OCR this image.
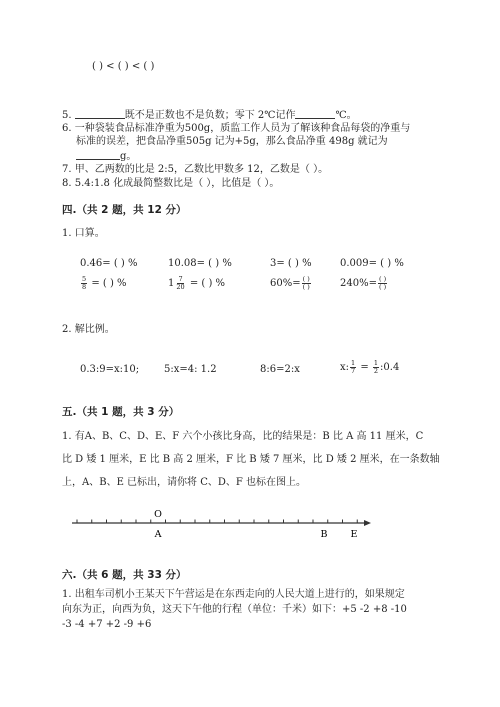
( ) < ( ) < ( )
5.	既不是正数也不是负数；零下 2℃记作	℃。
6. 一种袋装食品标准净重为500g，质监工作人员为了解该种食品每袋的净重与
标准的误差，把食品净重505g 记为+5g，那么食品净重 498g 就记为
g。
7. 甲、乙两数的比是 2:5，乙数比甲数多 12，乙数是（ ）。
8. 5.4:1.8 化成最简整数比是（ ），比值是（ ）。
四.（共 2 题，共 12 分）
1. 口算。
0.46= ( ) %	10.08= ( ) %	3= ( ) %	0.009= ( ) %
$\frac{5}{8}$ = ( ) %	$1 \frac{7}{20}$ = ( ) %	$60\%= \frac{( )}{( )}$	$240\%= \frac{( )}{( )}$
2. 解比例。
0.3:9=x:10; 5:x=4: 1.2	8:6=2:x	x: $\frac{1}{7} = \frac{1}{2}$ :0.4
五.（共 1 题，共 3 分）
1. 有A、B、C、D、E、F 六个小孩比身高，比的结果是：B 比 A 高 11 厘米，C
比 D 矮 1 厘米，E 比 B 高 2 厘米，F 比 B 矮 7 厘米，比 D 矮 2 厘米，在一条数轴
上，A、B、E 已标出，请你将 C、D、F 也标在图上。
O
A	B E
六.（共 6 题，共 33 分）
1. 出租车司机小王某天下午营运是在东西走向的人民大道上进行的，如果规定
向东为正，向西为负，这天下午他的行程（单位：千米）如下：+5 -2 +8 -10
-3 -4 +7 +2 -9 +6
